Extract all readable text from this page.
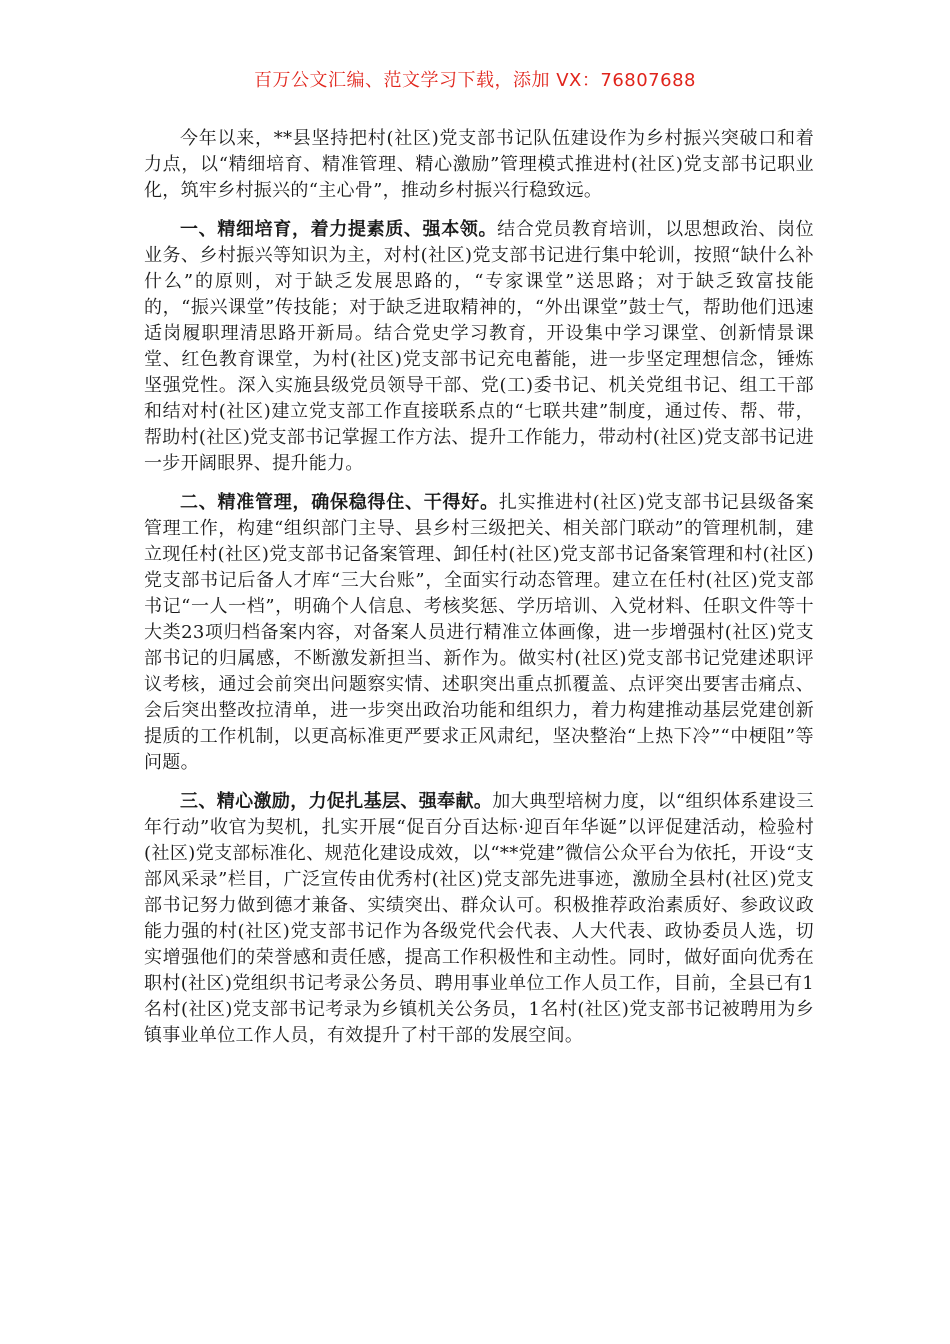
百万公文汇编、范文学习下载，添加 VX：76807688

今年以来，**县坚持把村(社区)党支部书记队伍建设作为乡村振兴突破口和着力点，以“精细培育、精准管理、精心激励”管理模式推进村(社区)党支部书记职业化，筑牢乡村振兴的“主心骨”，推动乡村振兴行稳致远。

一、精细培育，着力提素质、强本领。结合党员教育培训，以思想政治、岗位业务、乡村振兴等知识为主，对村(社区)党支部书记进行集中轮训，按照“缺什么补什么”的原则，对于缺乏发展思路的，“专家课堂”送思路；对于缺乏致富技能的，“振兴课堂”传技能；对于缺乏进取精神的，“外出课堂”鼓士气，帮助他们迅速适岗履职理清思路开新局。结合党史学习教育，开设集中学习课堂、创新情景课堂、红色教育课堂，为村(社区)党支部书记充电蓄能，进一步坚定理想信念，锤炼坚强党性。深入实施县级党员领导干部、党(工)委书记、机关党组书记、组工干部和结对村(社区)建立党支部工作直接联系点的“七联共建”制度，通过传、帮、带，帮助村(社区)党支部书记掌握工作方法、提升工作能力，带动村(社区)党支部书记进一步开阔眼界、提升能力。

二、精准管理，确保稳得住、干得好。扎实推进村(社区)党支部书记县级备案管理工作，构建“组织部门主导、县乡村三级把关、相关部门联动”的管理机制，建立现任村(社区)党支部书记备案管理、卸任村(社区)党支部书记备案管理和村(社区)党支部书记后备人才库“三大台账”，全面实行动态管理。建立在任村(社区)党支部书记“一人一档”，明确个人信息、考核奖惩、学历培训、入党材料、任职文件等十大类23项归档备案内容，对备案人员进行精准立体画像，进一步增强村(社区)党支部书记的归属感，不断激发新担当、新作为。做实村(社区)党支部书记党建述职评议考核，通过会前突出问题察实情、述职突出重点抓覆盖、点评突出要害击痛点、会后突出整改拉清单，进一步突出政治功能和组织力，着力构建推动基层党建创新提质的工作机制，以更高标准更严要求正风肃纪，坚决整治“上热下冷”“中梗阻”等问题。

三、精心激励，力促扎基层、强奉献。加大典型培树力度，以“组织体系建设三年行动”收官为契机，扎实开展“促百分百达标·迎百年华诞”以评促建活动，检验村(社区)党支部标准化、规范化建设成效，以“**党建”微信公众平台为依托，开设“支部风采录”栏目，广泛宣传由优秀村(社区)党支部先进事迹，激励全县村(社区)党支部书记努力做到德才兼备、实绩突出、群众认可。积极推荐政治素质好、参政议政能力强的村(社区)党支部书记作为各级党代会代表、人大代表、政协委员人选，切实增强他们的荣誉感和责任感，提高工作积极性和主动性。同时，做好面向优秀在职村(社区)党组织书记考录公务员、聘用事业单位工作人员工作，目前，全县已有1名村(社区)党支部书记考录为乡镇机关公务员，1名村(社区)党支部书记被聘用为乡镇事业单位工作人员，有效提升了村干部的发展空间。
